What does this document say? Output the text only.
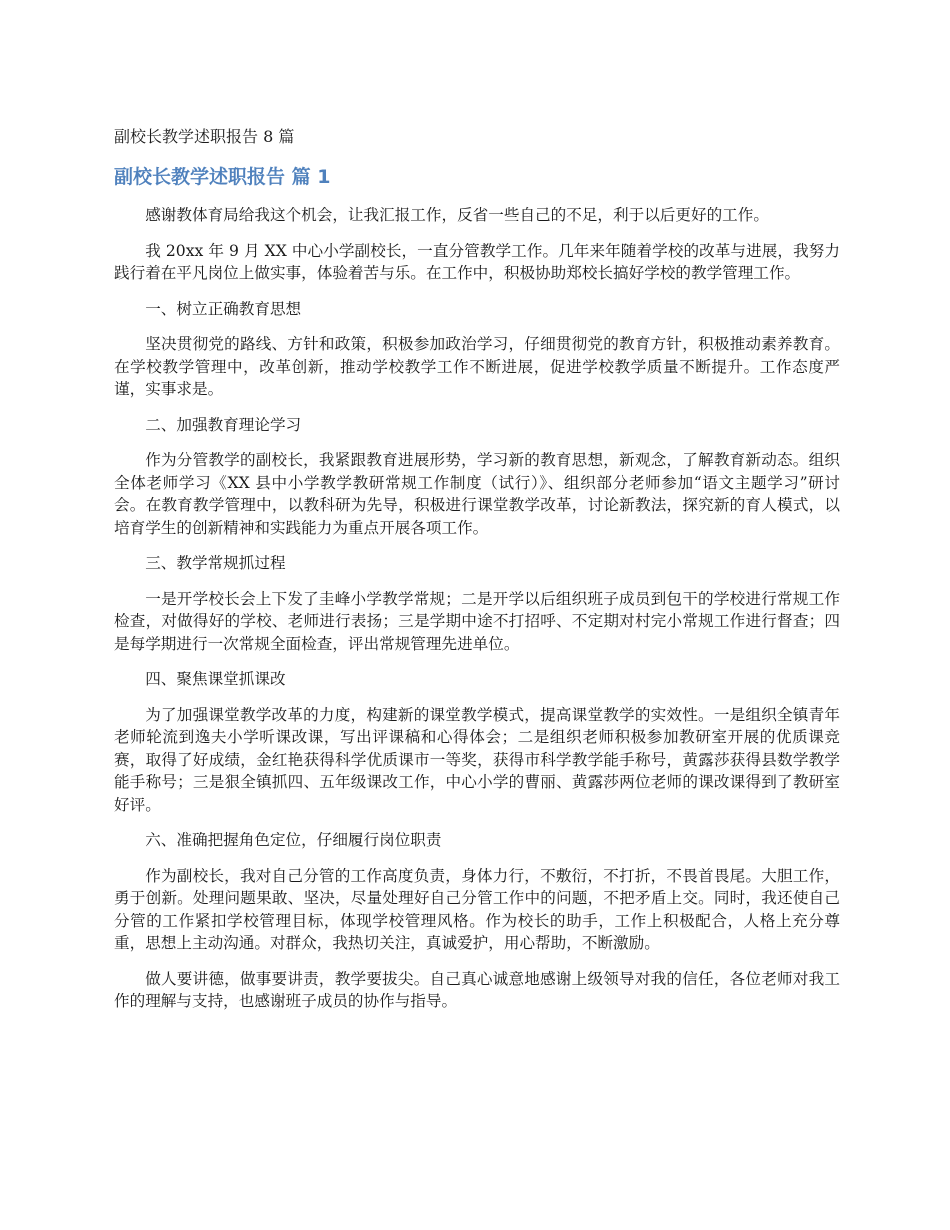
副校长教学述职报告 8 篇
副校长教学述职报告 篇 1

感谢教体育局给我这个机会，让我汇报工作，反省一些自己的不足，利于以后更好的工作。

我 20xx 年 9 月 XX 中心小学副校长，一直分管教学工作。几年来年随着学校的改革与进展，我努力践行着在平凡岗位上做实事，体验着苦与乐。在工作中，积极协助郑校长搞好学校的教学管理工作。

一、树立正确教育思想

坚决贯彻党的路线、方针和政策，积极参加政治学习，仔细贯彻党的教育方针，积极推动素养教育。在学校教学管理中，改革创新，推动学校教学工作不断进展，促进学校教学质量不断提升。工作态度严谨，实事求是。

二、加强教育理论学习

作为分管教学的副校长，我紧跟教育进展形势，学习新的教育思想，新观念，了解教育新动态。组织全体老师学习《XX 县中小学教学教研常规工作制度（试行）》、组织部分老师参加“语文主题学习”研讨会。在教育教学管理中，以教科研为先导，积极进行课堂教学改革，讨论新教法，探究新的育人模式，以培育学生的创新精神和实践能力为重点开展各项工作。

三、教学常规抓过程

一是开学校长会上下发了圭峰小学教学常规；二是开学以后组织班子成员到包干的学校进行常规工作检查，对做得好的学校、老师进行表扬；三是学期中途不打招呼、不定期对村完小常规工作进行督查；四是每学期进行一次常规全面检查，评出常规管理先进单位。

四、聚焦课堂抓课改

为了加强课堂教学改革的力度，构建新的课堂教学模式，提高课堂教学的实效性。一是组织全镇青年老师轮流到逸夫小学听课改课，写出评课稿和心得体会；二是组织老师积极参加教研室开展的优质课竞赛，取得了好成绩，金红艳获得科学优质课市一等奖，获得市科学教学能手称号，黄露莎获得县数学教学能手称号；三是狠全镇抓四、五年级课改工作，中心小学的曹丽、黄露莎两位老师的课改课得到了教研室好评。

六、准确把握角色定位，仔细履行岗位职责

作为副校长，我对自己分管的工作高度负责，身体力行，不敷衍，不打折，不畏首畏尾。大胆工作，勇于创新。处理问题果敢、坚决，尽量处理好自己分管工作中的问题，不把矛盾上交。同时，我还使自己分管的工作紧扣学校管理目标，体现学校管理风格。作为校长的助手，工作上积极配合，人格上充分尊重，思想上主动沟通。对群众，我热切关注，真诚爱护，用心帮助，不断激励。

做人要讲德，做事要讲责，教学要拔尖。自己真心诚意地感谢上级领导对我的信任，各位老师对我工作的理解与支持，也感谢班子成员的协作与指导。
